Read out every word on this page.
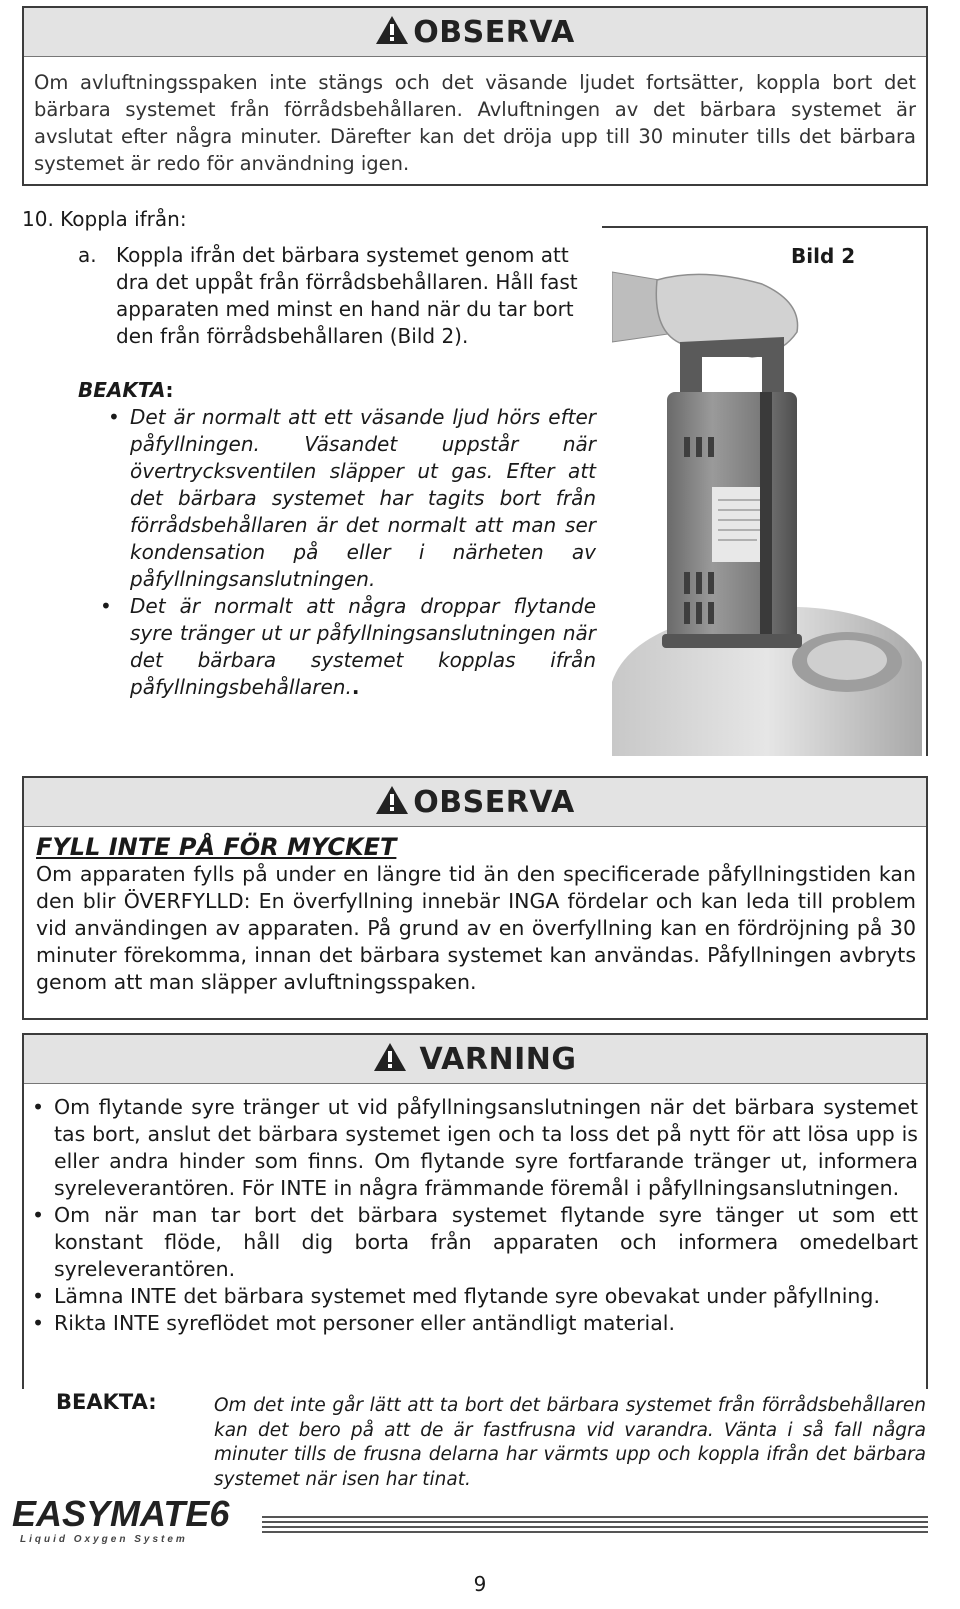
OBSERVA
Om avluftningsspaken inte stängs och det väsande ljudet fortsätter, koppla bort det bärbara systemet från förrådsbehållaren. Avluftningen av det bärbara systemet är avslutat efter några minuter. Därefter kan det dröja upp till 30 minuter tills det bärbara systemet är redo för användning igen.
10. Koppla ifrån:
a. Koppla ifrån det bärbara systemet genom att dra det uppåt från förrådsbehållaren. Håll fast apparaten med minst en hand när du tar bort den från förrådsbehållaren (Bild 2).
BEAKTA:
• Det är normalt att ett väsande ljud hörs efter påfyllningen. Väsandet uppstår när övertrycksventilen släpper ut gas. Efter att det bärbara systemet har tagits bort från förrådsbehållaren är det normalt att man ser kondensation på eller i närheten av påfyllningsanslutningen.
• Det är normalt att några droppar flytande syre tränger ut ur påfyllningsanslutningen när det bärbara systemet kopplas ifrån påfyllningsbehållaren..
Bild 2
OBSERVA
FYLL INTE PÅ FÖR MYCKET
Om apparaten fylls på under en längre tid än den specificerade påfyllningstiden kan den blir ÖVERFYLLD: En överfyllning innebär INGA fördelar och kan leda till problem vid användingen av apparaten. På grund av en överfyllning kan en fördröjning på 30 minuter förekomma, innan det bärbara systemet kan användas. Påfyllningen avbryts genom att man släpper avluftningsspaken.
VARNING
• Om flytande syre tränger ut vid påfyllningsanslutningen när det bärbara systemet tas bort, anslut det bärbara systemet igen och ta loss det på nytt för att lösa upp is eller andra hinder som finns. Om flytande syre fortfarande tränger ut, informera syreleverantören. För INTE in några främmande föremål i påfyllningsanslutningen.
• Om när man tar bort det bärbara systemet flytande syre tänger ut som ett konstant flöde, håll dig borta från apparaten och informera omedelbart syreleverantören.
• Lämna INTE det bärbara systemet med flytande syre obevakat under påfyllning.
• Rikta INTE syreflödet mot personer eller antändligt material.
BEAKTA:	Om det inte går lätt att ta bort det bärbara systemet från förrådsbehållaren kan det bero på att de är fastfrusna vid varandra. Vänta i så fall några minuter tills de frusna delarna har värmts upp och koppla ifrån det bärbara systemet när isen har tinat.
EASYMATE6
Liquid Oxygen System
9
